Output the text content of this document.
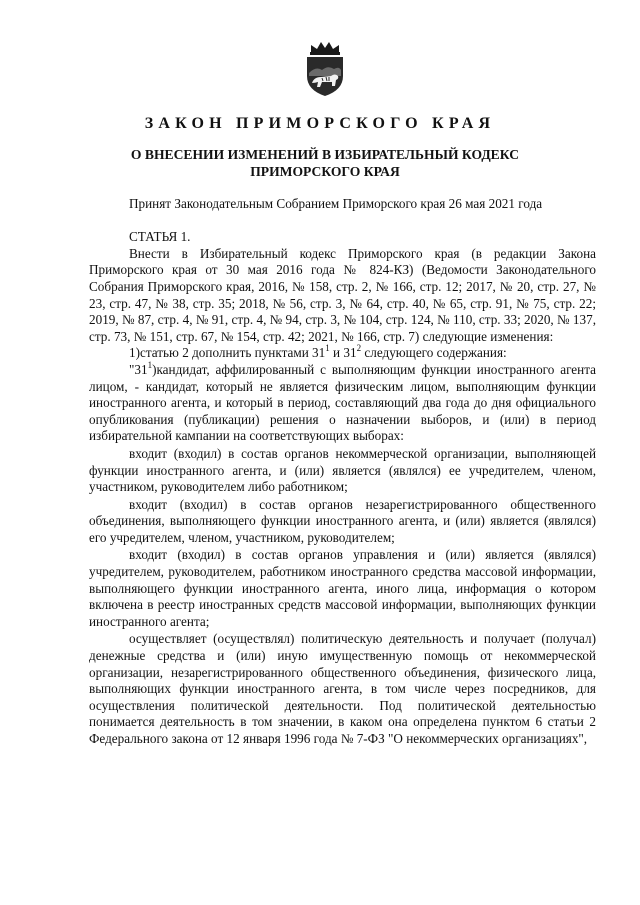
ЗАКОН ПРИМОРСКОГО КРАЯ
О ВНЕСЕНИИ ИЗМЕНЕНИЙ В ИЗБИРАТЕЛЬНЫЙ КОДЕКС
ПРИМОРСКОГО КРАЯ

Принят Законодательным Собранием Приморского края 26 мая 2021 года

СТАТЬЯ 1.

Внести в Избирательный кодекс Приморского края (в редакции Закона Приморского края от 30 мая 2016 года № 824-КЗ) (Ведомости Законодательного Собрания Приморского края, 2016, № 158, стр. 2, № 166, стр. 12; 2017, № 20, стр. 27, № 23, стр. 47, № 38, стр. 35; 2018, № 56, стр. 3, № 64, стр. 40, № 65, стр. 91, № 75, стр. 22; 2019, № 87, стр. 4, № 91, стр. 4, № 94, стр. 3, № 104, стр. 124, № 110, стр. 33; 2020, № 137, стр. 73, № 151, стр. 67, № 154, стр. 42; 2021, № 166, стр. 7) следующие изменения:

1)статью 2 дополнить пунктами $31^1$ и $31^2$ следующего содержания:

"$31^1)кандидат$, аффилированный с выполняющим функции иностранного агента лицом, - кандидат, который не является физическим лицом, выполняющим функции иностранного агента, и который в период, составляющий два года до дня официального опубликования (публикации) решения о назначении выборов, и (или) в период избирательной кампании на соответствующих выборах:

входит (входил) в состав органов некоммерческой организации, выполняющей функции иностранного агента, и (или) является (являлся) ее учредителем, членом, участником, руководителем либо работником;

входит (входил) в состав органов незарегистрированного общественного объединения, выполняющего функции иностранного агента, и (или) является (являлся) его учредителем, членом, участником, руководителем;

входит (входил) в состав органов управления и (или) является (являлся) учредителем, руководителем, работником иностранного средства массовой информации, выполняющего функции иностранного агента, иного лица, информация о котором включена в реестр иностранных средств массовой информации, выполняющих функции иностранного агента;

осуществляет (осуществлял) политическую деятельность и получает (получал) денежные средства и (или) иную имущественную помощь от некоммерческой организации, незарегистрированного общественного объединения, физического лица, выполняющих функции иностранного агента, в том числе через посредников, для осуществления политической деятельности. Под политической деятельностью понимается деятельность в том значении, в каком она определена пунктом 6 статьи 2 Федерального закона от 12 января 1996 года № 7-ФЗ "О некоммерческих организациях",
